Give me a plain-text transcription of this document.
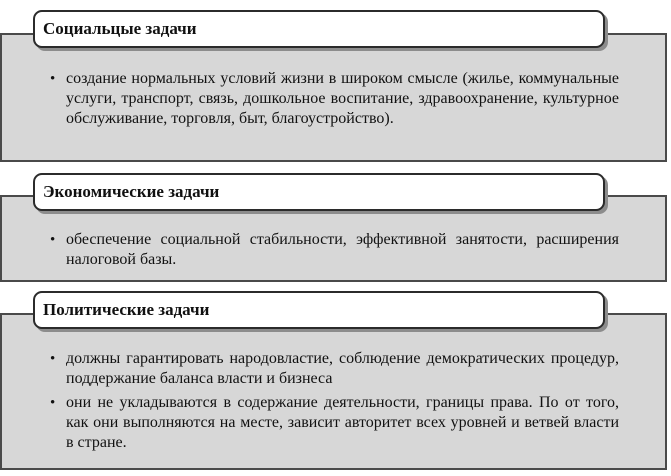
Социальцые задачи
• создание нормальных условий жизни в широком смысле (жилье, коммунальные услуги, транспорт, связь, дошкольное воспитание, здравоохранение, культурное обслуживание, торговля, быт, благоустройство).
Экономические задачи
• обеспечение социальной стабильности, эффективной занятости, расширения налоговой базы.
Политические задачи
• должны гарантировать народовластие, соблюдение демократических процедур, поддержание баланса власти и бизнеса
• они не укладываются в содержание деятельности, границы права. По от того, как они выполняются на месте, зависит авторитет всех уровней и ветвей власти в стране.
